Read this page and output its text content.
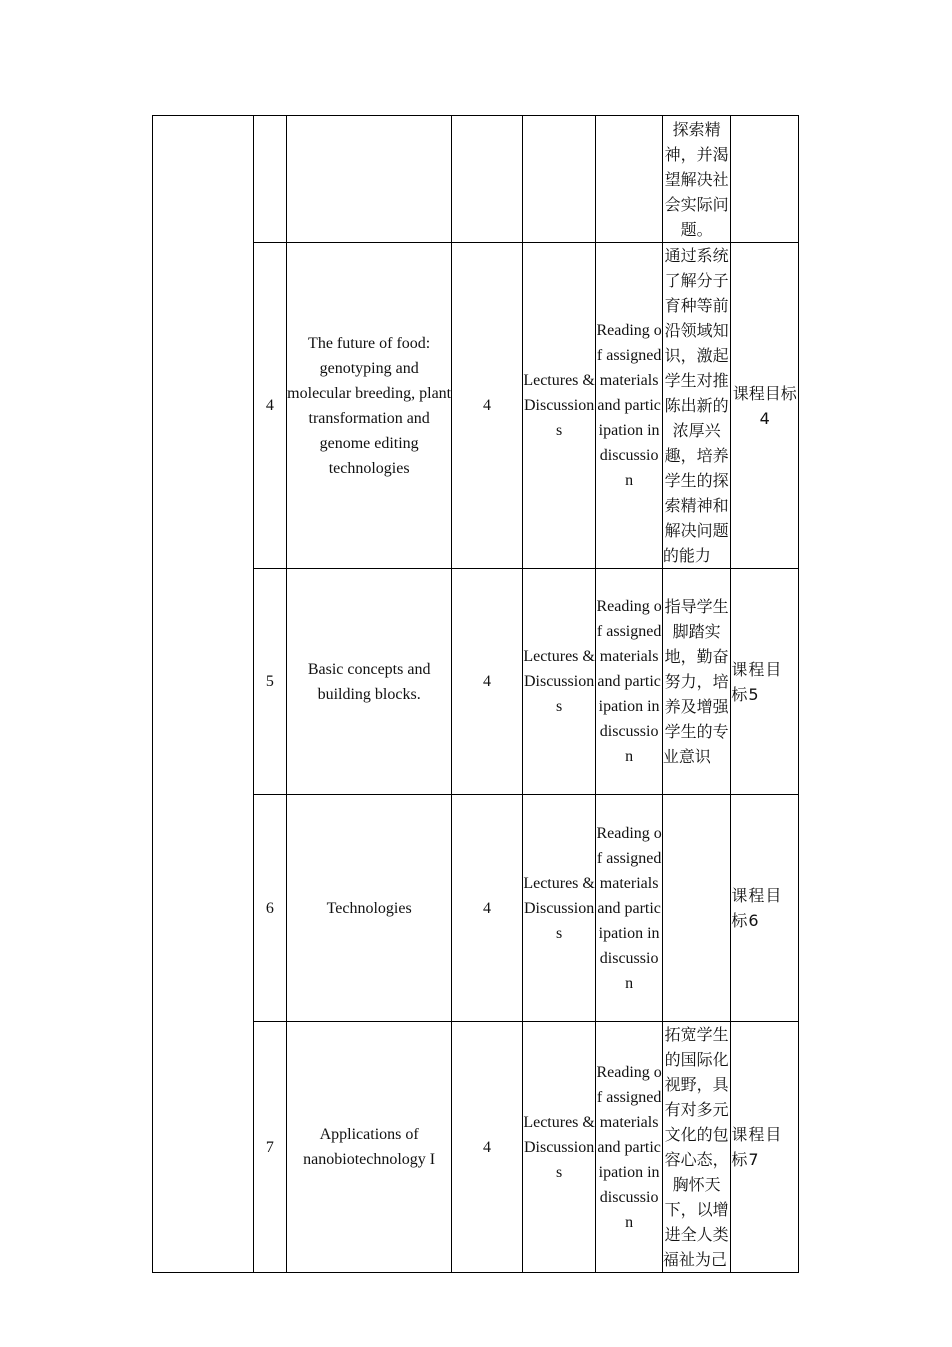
						探索精神，并渴望解决社会实际问题。	
	4	The future of food: genotyping and molecular breeding, plant transformation and genome editing technologies	4	Lectures & Discussions	Reading of assigned materials and participation in discussion	通过系统了解分子育种等前沿领域知识，激起学生对推陈出新的浓厚兴趣，培养学生的探索精神和解决问题的能力	课程目标 4
	5	Basic concepts and building blocks.	4	Lectures & Discussions	Reading of assigned materials and participation in discussion	指导学生脚踏实地，勤奋努力，培养及增强学生的专业意识	课程目标5
	6	Technologies	4	Lectures & Discussions	Reading of assigned materials and participation in discussion		课程目标6
	7	Applications of nanobiotechnology I	4	Lectures & Discussions	Reading of assigned materials and participation in discussion	拓宽学生的国际化视野，具有对多元文化的包容心态，胸怀天下，以增进全人类福祉为己	课程目标7
